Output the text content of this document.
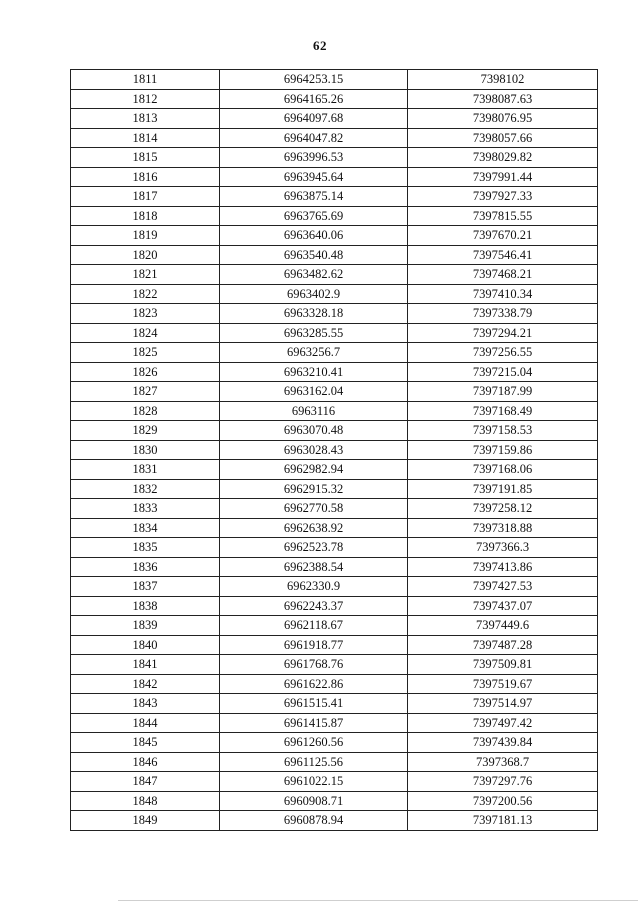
62
1811	6964253.15	7398102
1812	6964165.26	7398087.63
1813	6964097.68	7398076.95
1814	6964047.82	7398057.66
1815	6963996.53	7398029.82
1816	6963945.64	7397991.44
1817	6963875.14	7397927.33
1818	6963765.69	7397815.55
1819	6963640.06	7397670.21
1820	6963540.48	7397546.41
1821	6963482.62	7397468.21
1822	6963402.9	7397410.34
1823	6963328.18	7397338.79
1824	6963285.55	7397294.21
1825	6963256.7	7397256.55
1826	6963210.41	7397215.04
1827	6963162.04	7397187.99
1828	6963116	7397168.49
1829	6963070.48	7397158.53
1830	6963028.43	7397159.86
1831	6962982.94	7397168.06
1832	6962915.32	7397191.85
1833	6962770.58	7397258.12
1834	6962638.92	7397318.88
1835	6962523.78	7397366.3
1836	6962388.54	7397413.86
1837	6962330.9	7397427.53
1838	6962243.37	7397437.07
1839	6962118.67	7397449.6
1840	6961918.77	7397487.28
1841	6961768.76	7397509.81
1842	6961622.86	7397519.67
1843	6961515.41	7397514.97
1844	6961415.87	7397497.42
1845	6961260.56	7397439.84
1846	6961125.56	7397368.7
1847	6961022.15	7397297.76
1848	6960908.71	7397200.56
1849	6960878.94	7397181.13
